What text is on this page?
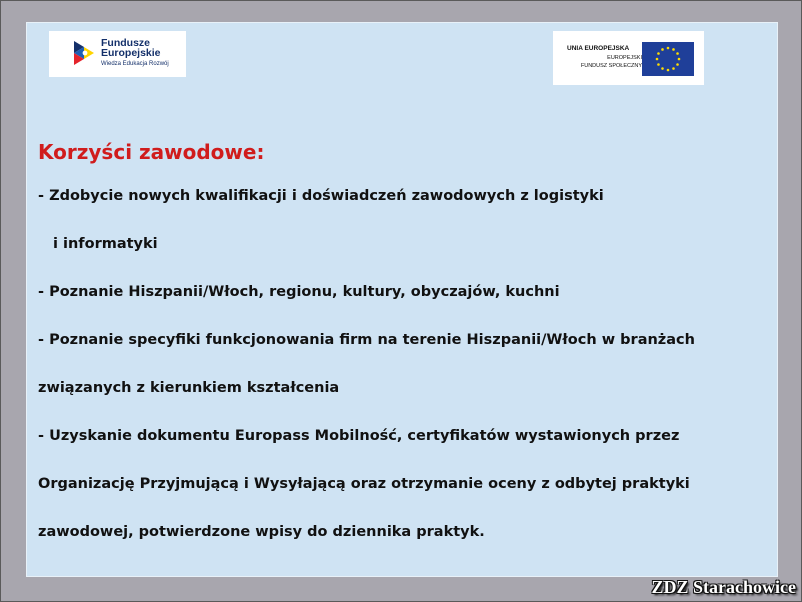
Fundusze
Europejskie
Wiedza Edukacja Rozwój
UNIA EUROPEJSKA
EUROPEJSKI
FUNDUSZ SPOŁECZNY
Korzyści zawodowe:
- Zdobycie nowych kwalifikacji i doświadczeń zawodowych z logistyki
i informatyki
- Poznanie Hiszpanii/Włoch, regionu, kultury, obyczajów, kuchni
- Poznanie specyfiki funkcjonowania firm na terenie Hiszpanii/Włoch w branżach
związanych z kierunkiem kształcenia
- Uzyskanie dokumentu Europass Mobilność, certyfikatów wystawionych przez
Organizację Przyjmującą i Wysyłającą oraz otrzymanie oceny z odbytej praktyki
zawodowej, potwierdzone wpisy do dziennika praktyk.
ZDZ Starachowice
